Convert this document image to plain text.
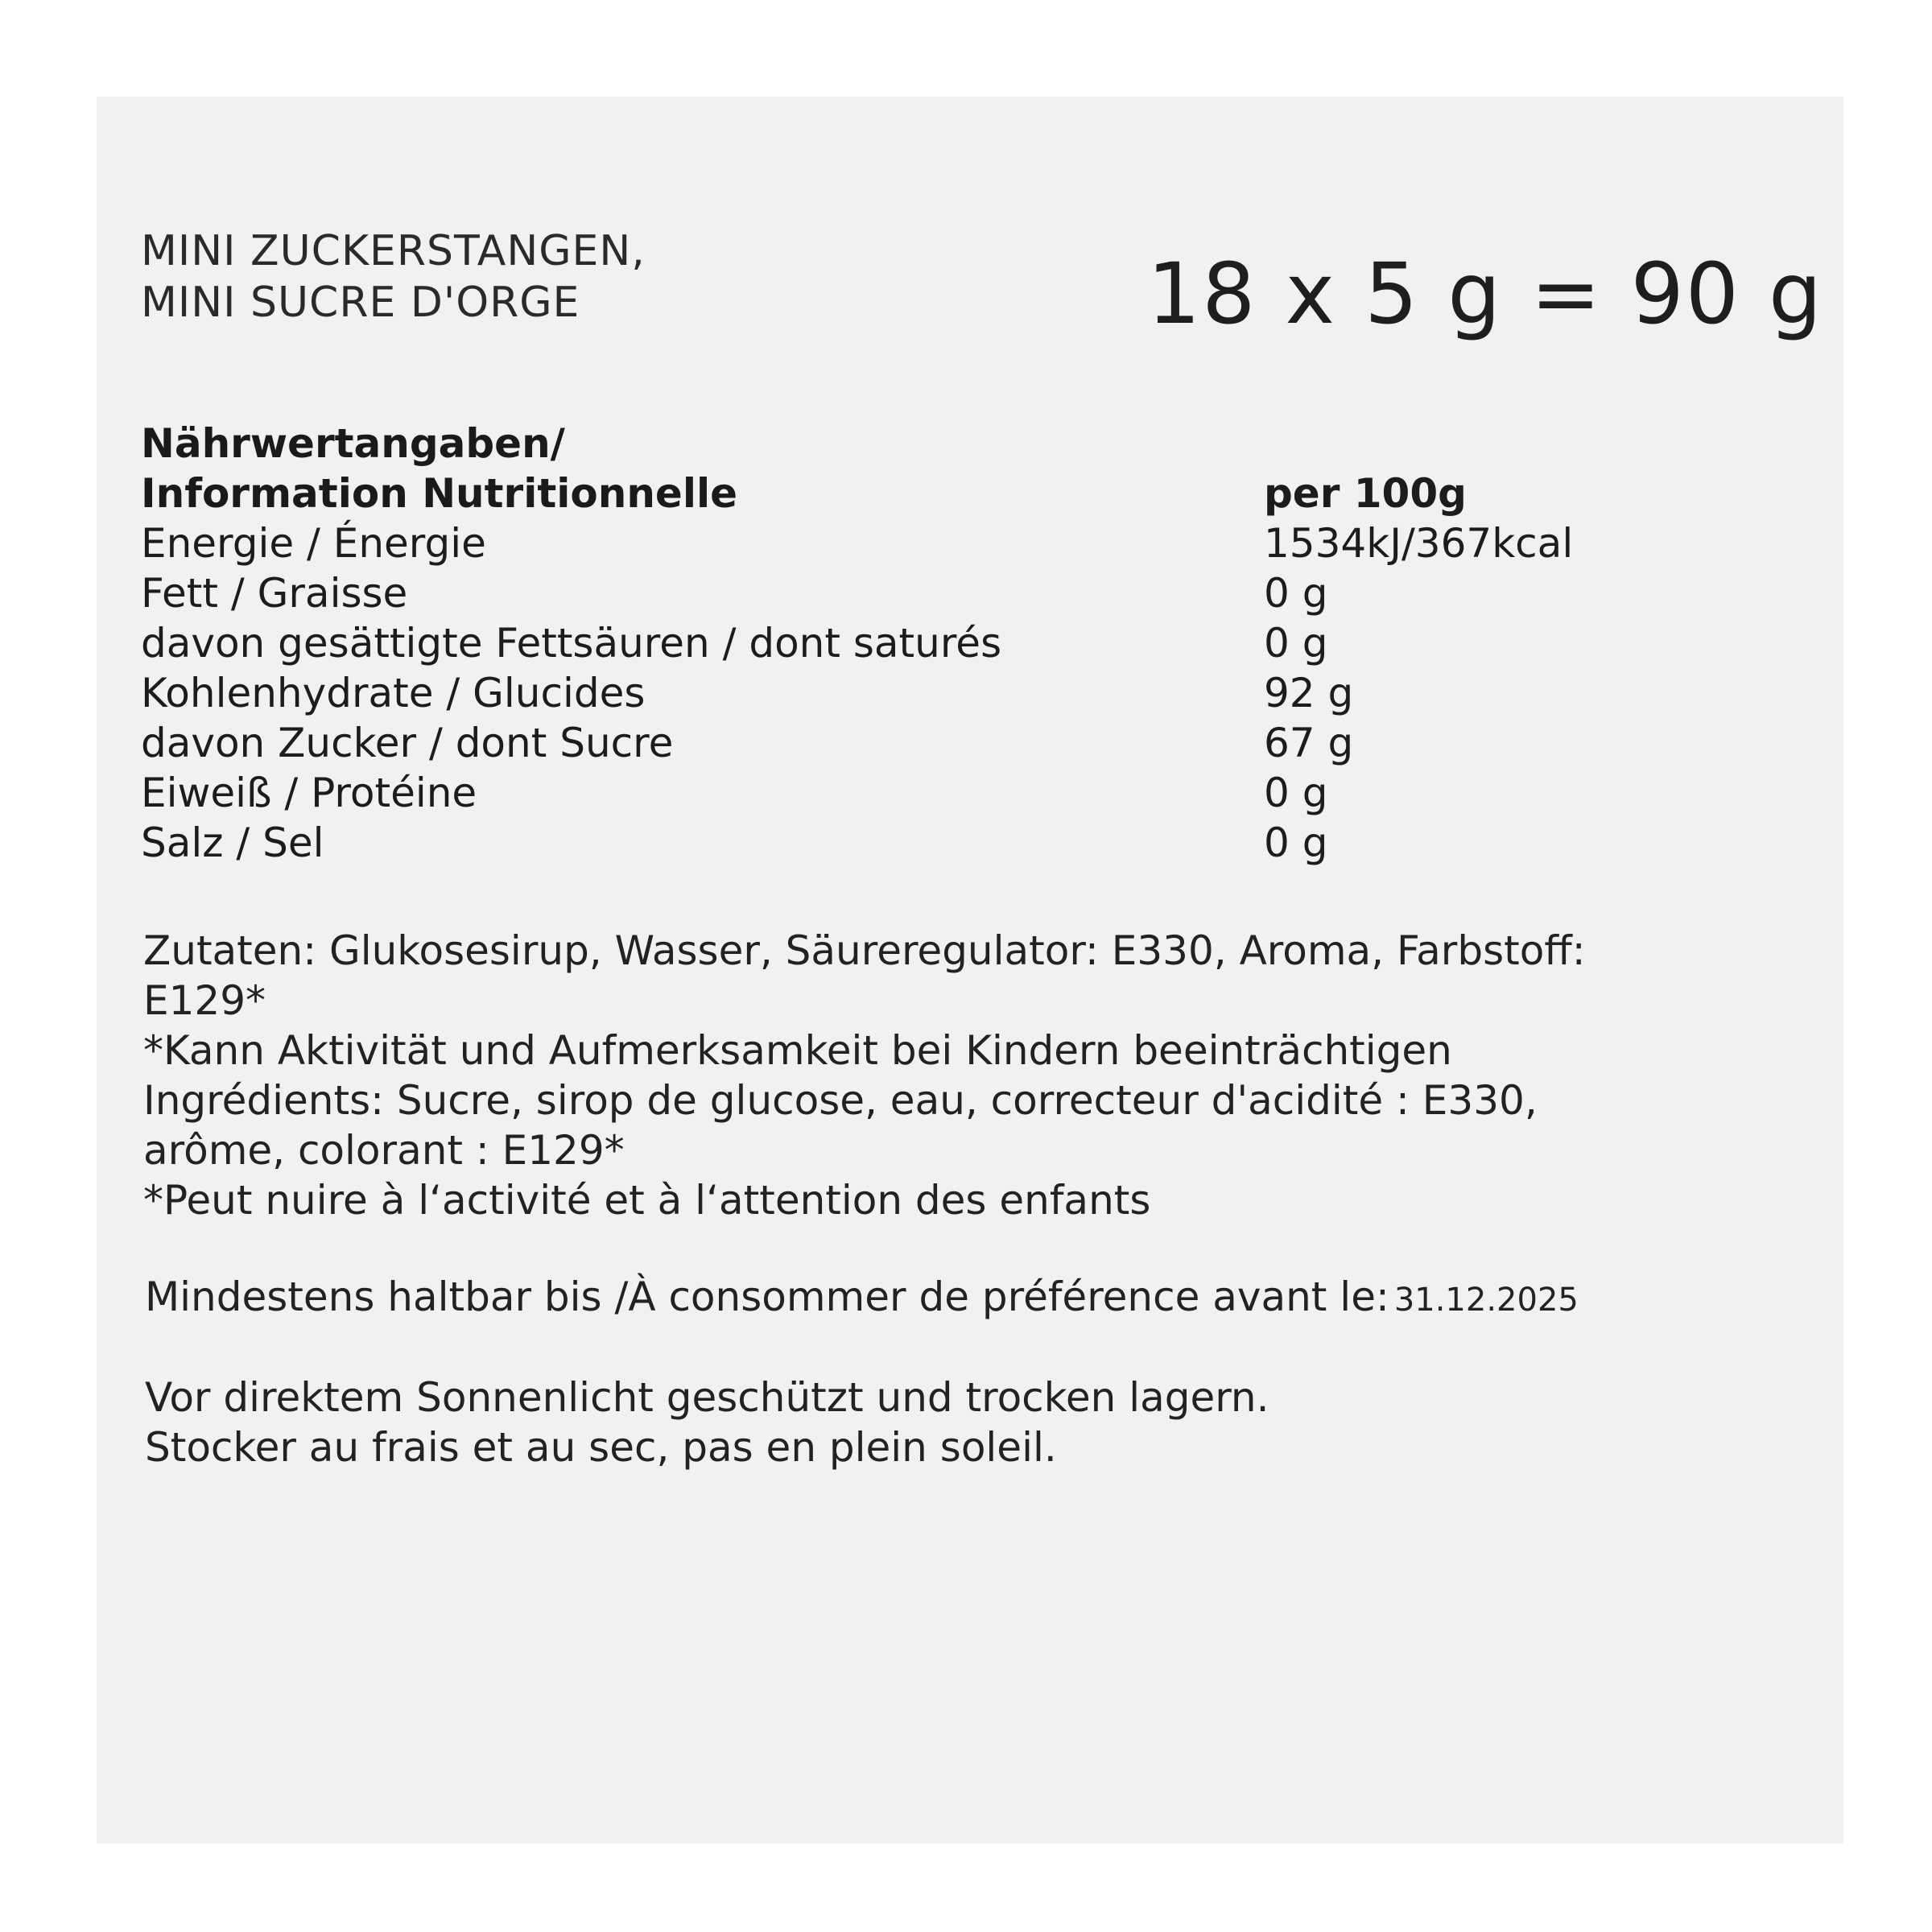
MINI ZUCKERSTANGEN,
MINI SUCRE D'ORGE	18 x 5 g = 90 g
Nährwertangaben/
Information Nutritionnelle	per 100g
Energie / Énergie	1534kJ/367kcal
Fett / Graisse	0 g
davon gesättigte Fettsäuren / dont saturés	0 g
Kohlenhydrate / Glucides	92 g
davon Zucker / dont Sucre	67 g
Eiweiß / Protéine	0 g
Salz / Sel	0 g
Zutaten: Glukosesirup, Wasser, Säureregulator: E330, Aroma, Farbstoff:
E129*
*Kann Aktivität und Aufmerksamkeit bei Kindern beeinträchtigen
Ingrédients: Sucre, sirop de glucose, eau, correcteur d'acidité : E330,
arôme, colorant : E129*
*Peut nuire à l‘activité et à l‘attention des enfants
Mindestens haltbar bis /À consommer de préférence avant le: 31.12.2025
Vor direktem Sonnenlicht geschützt und trocken lagern.
Stocker au frais et au sec, pas en plein soleil.
